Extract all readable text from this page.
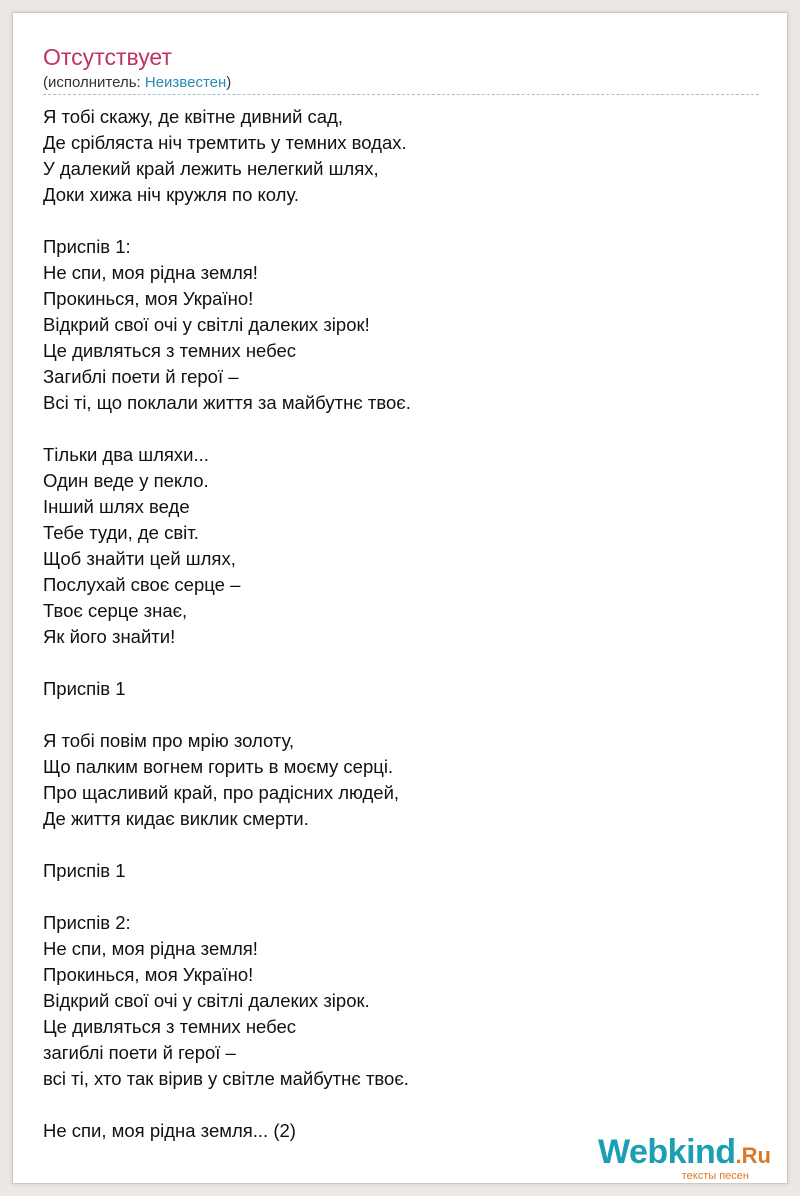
Отсутствует
(исполнитель: Неизвестен)
Я тобі скажу, де квітне дивний сад,
Де срібляста ніч тремтить у темних водах.
У далекий край лежить нелегкий шлях,
Доки хижа ніч кружля по колу.
Приспів 1:
Не спи, моя рідна земля!
Прокинься, моя Україно!
Відкрий свої очі у світлі далеких зірок!
Це дивляться з темних небес
Загиблі поети й герої –
Всі ті, що поклали життя за майбутнє твоє.
Тільки два шляхи...
Один веде у пекло.
Інший шлях веде
Тебе туди, де світ.
Щоб знайти цей шлях,
Послухай своє серце –
Твоє серце знає,
Як його знайти!
Приспів 1
Я тобі повім про мрію золоту,
Що палким вогнем горить в моєму серці.
Про щасливий край, про радісних людей,
Де життя кидає виклик смерти.
Приспів 1
Приспів 2:
Не спи, моя рідна земля!
Прокинься, моя Україно!
Відкрий свої очі у світлі далеких зірок.
Це дивляться з темних небес
загиблі поети й герої –
всі ті, хто так вірив у світле майбутнє твоє.
Не спи, моя рідна земля... (2)
Webkind.Ru
тексты песен
